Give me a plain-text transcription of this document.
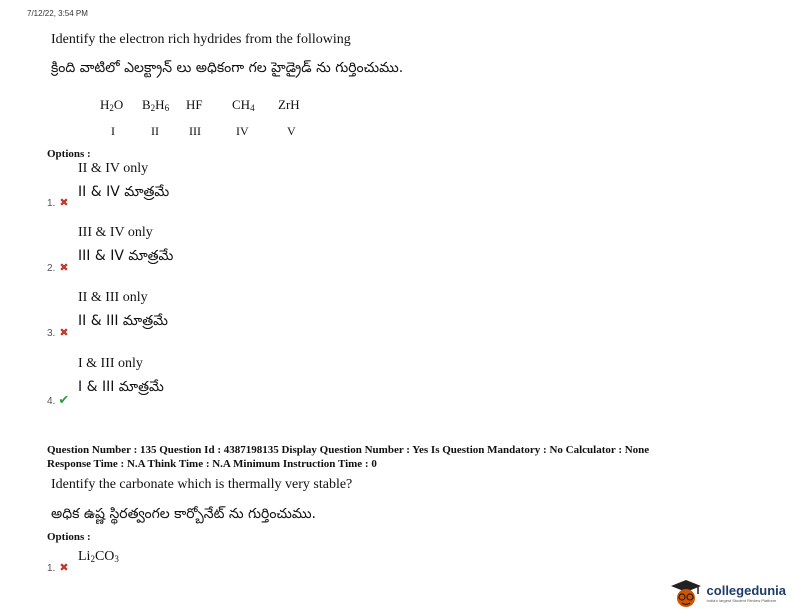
7/12/22, 3:54 PM
Identify the electron rich hydrides from the following
క్రింది వాటిలో ఎలక్ట్రాన్ లు అధికంగా గల హైడ్రైడ్ ను గుర్తించుము.
$H_2O$ $B_2H_6$ HF $CH_4$ ZrH
I	II	III	IV	V
Options :
II & IV only
II & IV మాత్రమే
1. ✖
III & IV only
III & IV మాత్రమే
2. ✖
II & III only
II & III మాత్రమే
3. ✖
I & III only
I & III మాత్రమే
4. ✔
Question Number : 135 Question Id : 4387198135 Display Question Number : Yes Is Question Mandatory : No Calculator : None
Response Time : N.A Think Time : N.A Minimum Instruction Time : 0
Identify the carbonate which is thermally very stable?
అధిక ఉష్ణ స్థిరత్వంగల కార్బోనేట్ ను గుర్తించుము.
Options :
$Li_2CO_3$
1. ✖
collegedunia
India's largest Student Review Platform
